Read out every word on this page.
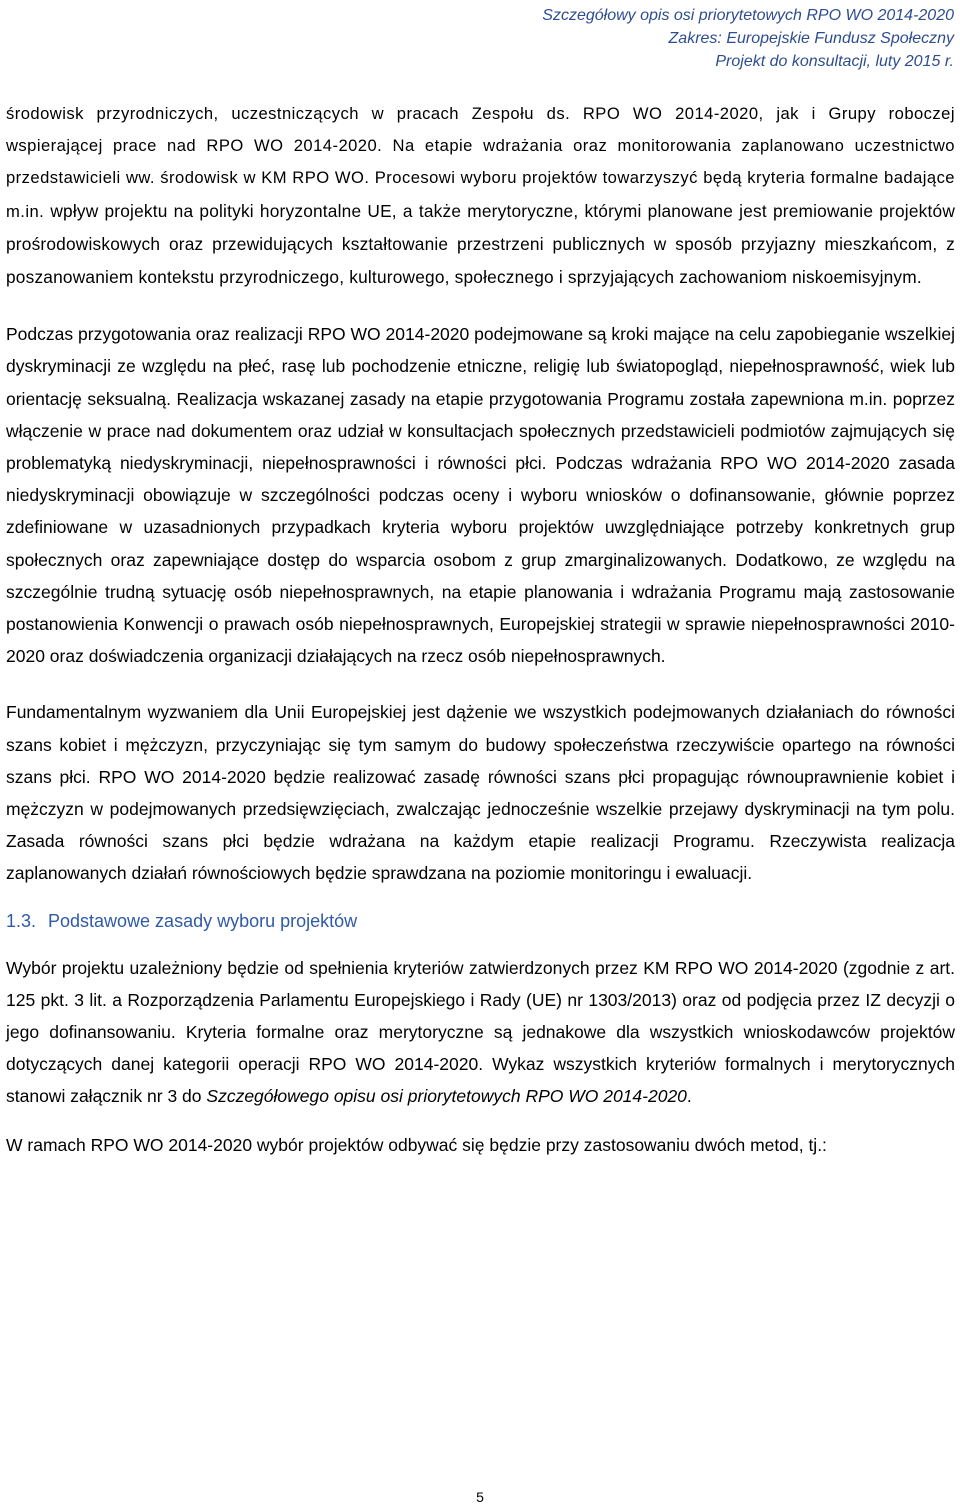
Szczegółowy opis osi priorytetowych RPO WO 2014-2020
Zakres: Europejskie Fundusz Społeczny
Projekt do konsultacji, luty 2015 r.

środowisk przyrodniczych, uczestniczących w pracach Zespołu ds. RPO WO 2014-2020, jak i Grupy roboczej wspierającej prace nad RPO WO 2014-2020. Na etapie wdrażania oraz monitorowania zaplanowano uczestnictwo przedstawicieli ww. środowisk w KM RPO WO. Procesowi wyboru projektów towarzyszyć będą kryteria formalne badające m.in. wpływ projektu na polityki horyzontalne UE, a także merytoryczne, którymi planowane jest premiowanie projektów prośrodowiskowych oraz przewidujących kształtowanie przestrzeni publicznych w sposób przyjazny mieszkańcom, z poszanowaniem kontekstu przyrodniczego, kulturowego, społecznego i sprzyjających zachowaniom niskoemisyjnym.

Podczas przygotowania oraz realizacji RPO WO 2014-2020 podejmowane są kroki mające na celu zapobieganie wszelkiej dyskryminacji ze względu na płeć, rasę lub pochodzenie etniczne, religię lub światopogląd, niepełnosprawność, wiek lub orientację seksualną. Realizacja wskazanej zasady na etapie przygotowania Programu została zapewniona m.in. poprzez włączenie w prace nad dokumentem oraz udział w konsultacjach społecznych przedstawicieli podmiotów zajmujących się problematyką niedyskryminacji, niepełnosprawności i równości płci. Podczas wdrażania RPO WO 2014-2020 zasada niedyskryminacji obowiązuje w szczególności podczas oceny i wyboru wniosków o dofinansowanie, głównie poprzez zdefiniowane w uzasadnionych przypadkach kryteria wyboru projektów uwzględniające potrzeby konkretnych grup społecznych oraz zapewniające dostęp do wsparcia osobom z grup zmarginalizowanych. Dodatkowo, ze względu na szczególnie trudną sytuację osób niepełnosprawnych, na etapie planowania i wdrażania Programu mają zastosowanie postanowienia Konwencji o prawach osób niepełnosprawnych, Europejskiej strategii w sprawie niepełnosprawności 2010-2020 oraz doświadczenia organizacji działających na rzecz osób niepełnosprawnych.

Fundamentalnym wyzwaniem dla Unii Europejskiej jest dążenie we wszystkich podejmowanych działaniach do równości szans kobiet i mężczyzn, przyczyniając się tym samym do budowy społeczeństwa rzeczywiście opartego na równości szans płci. RPO WO 2014-2020 będzie realizować zasadę równości szans płci propagując równouprawnienie kobiet i mężczyzn w podejmowanych przedsięwzięciach, zwalczając jednocześnie wszelkie przejawy dyskryminacji na tym polu. Zasada równości szans płci będzie wdrażana na każdym etapie realizacji Programu. Rzeczywista realizacja zaplanowanych działań równościowych będzie sprawdzana na poziomie monitoringu i ewaluacji.

1.3. Podstawowe zasady wyboru projektów

Wybór projektu uzależniony będzie od spełnienia kryteriów zatwierdzonych przez KM RPO WO 2014-2020 (zgodnie z art. 125 pkt. 3 lit. a Rozporządzenia Parlamentu Europejskiego i Rady (UE) nr 1303/2013) oraz od podjęcia przez IZ decyzji o jego dofinansowaniu. Kryteria formalne oraz merytoryczne są jednakowe dla wszystkich wnioskodawców projektów dotyczących danej kategorii operacji RPO WO 2014-2020. Wykaz wszystkich kryteriów formalnych i merytorycznych stanowi załącznik nr 3 do Szczegółowego opisu osi priorytetowych RPO WO 2014-2020.

W ramach RPO WO 2014-2020 wybór projektów odbywać się będzie przy zastosowaniu dwóch metod, tj.:

5
